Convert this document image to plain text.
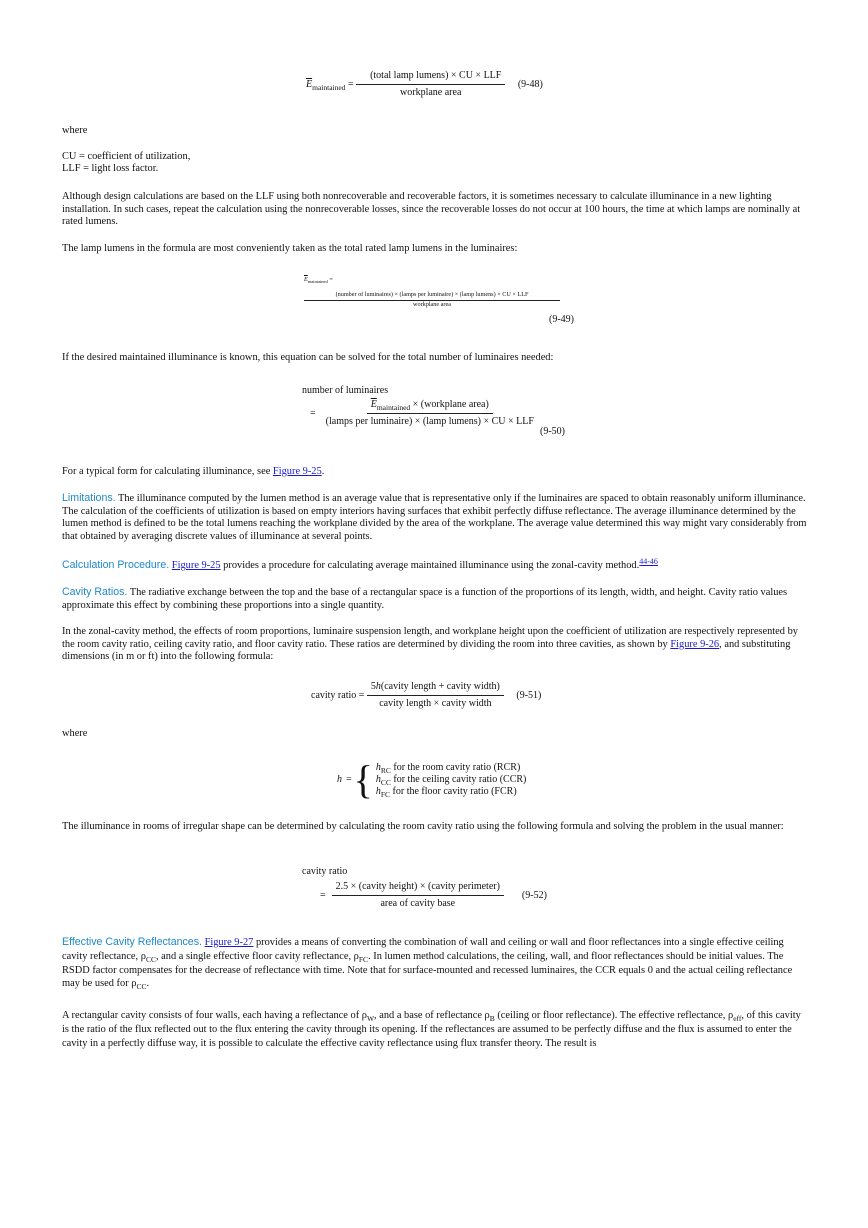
$\overline{E}_{maintained} = \frac{\text{(total lamp lumens) × CU × LLF}}{\text{workplane area}} (9-48)$

where

CU = coefficient of utilization,

LLF = light loss factor.

Although design calculations are based on the LLF using both nonrecoverable and recoverable factors, it is sometimes necessary to calculate illuminance in a new lighting installation. In such cases, repeat the calculation using the nonrecoverable losses, since the recoverable losses do not occur at 100 hours, the time at which lamps are nominally at rated lumens.

The lamp lumens in the formula are most conveniently taken as the total rated lamp lumens in the luminaires:

$\overline{E}_{maintained}$ =
(number of luminaires) × (lamps per luminaire) × (lamp lumens) × CU × LLF
workplane area
(9-49)

If the desired maintained illuminance is known, this equation can be solved for the total number of luminaires needed:

number of luminaires
= $\frac{\overline{E}_{maintained} \times (workplane area)}{\text{(lamps per luminaire) × (lamp lumens) × CU × LLF}}$
(9-50)

For a typical form for calculating illuminance, see Figure 9-25.

Limitations. The illuminance computed by the lumen method is an average value that is representative only if the luminaires are spaced to obtain reasonably uniform illuminance. The calculation of the coefficients of utilization is based on empty interiors having surfaces that exhibit perfectly diffuse reflectance. The average illuminance determined by the lumen method is defined to be the total lumens reaching the workplane divided by the area of the workplane. The average value determined this way might vary considerably from that obtained by averaging discrete values of illuminance at several points.

Calculation Procedure. Figure 9-25 provides a procedure for calculating average maintained illuminance using the zonal-cavity method.$^{44-46}$

Cavity Ratios. The radiative exchange between the top and the base of a rectangular space is a function of the proportions of its length, width, and height. Cavity ratio values approximate this effect by combining these proportions into a single quantity.

In the zonal-cavity method, the effects of room proportions, luminaire suspension length, and workplane height upon the coefficient of utilization are respectively represented by the room cavity ratio, ceiling cavity ratio, and floor cavity ratio. These ratios are determined by dividing the room into three cavities, as shown by Figure 9-26, and substituting dimensions (in m or ft) into the following formula:

cavity ratio = $\frac{\text{5h(cavity length + cavity width)}}{\text{cavity length × cavity width}} (9-51)$

where

h = { $h_{RC}$ for the room cavity ratio (RCR)
$h_{CC}$ for the ceiling cavity ratio (CCR)
$h_{FC}$ for the floor cavity ratio (FCR)

The illuminance in rooms of irregular shape can be determined by calculating the room cavity ratio using the following formula and solving the problem in the usual manner:

cavity ratio
= $\frac{\text{2.5 × (cavity height) × (cavity perimeter)}}{\text{area of cavity base}} (9-52)$

Effective Cavity Reflectances. Figure 9-27 provides a means of converting the combination of wall and ceiling or wall and floor reflectances into a single effective ceiling cavity reflectance, $\rho_{CC}$, and a single effective floor cavity reflectance, $\rho_{FC}$. In lumen method calculations, the ceiling, wall, and floor reflectances should be initial values. The RSDD factor compensates for the decrease of reflectance with time. Note that for surface-mounted and recessed luminaires, the CCR equals 0 and the actual ceiling reflectance may be used for $\rho_{CC}$.

A rectangular cavity consists of four walls, each having a reflectance of $\rho_W$, and a base of reflectance $\rho_B$ (ceiling or floor reflectance). The effective reflectance, $\rho_{eff}$, of this cavity is the ratio of the flux reflected out to the flux entering the cavity through its opening. If the reflectances are assumed to be perfectly diffuse and the flux is assumed to enter the cavity in a perfectly diffuse way, it is possible to calculate the effective cavity reflectance using flux transfer theory. The result is
